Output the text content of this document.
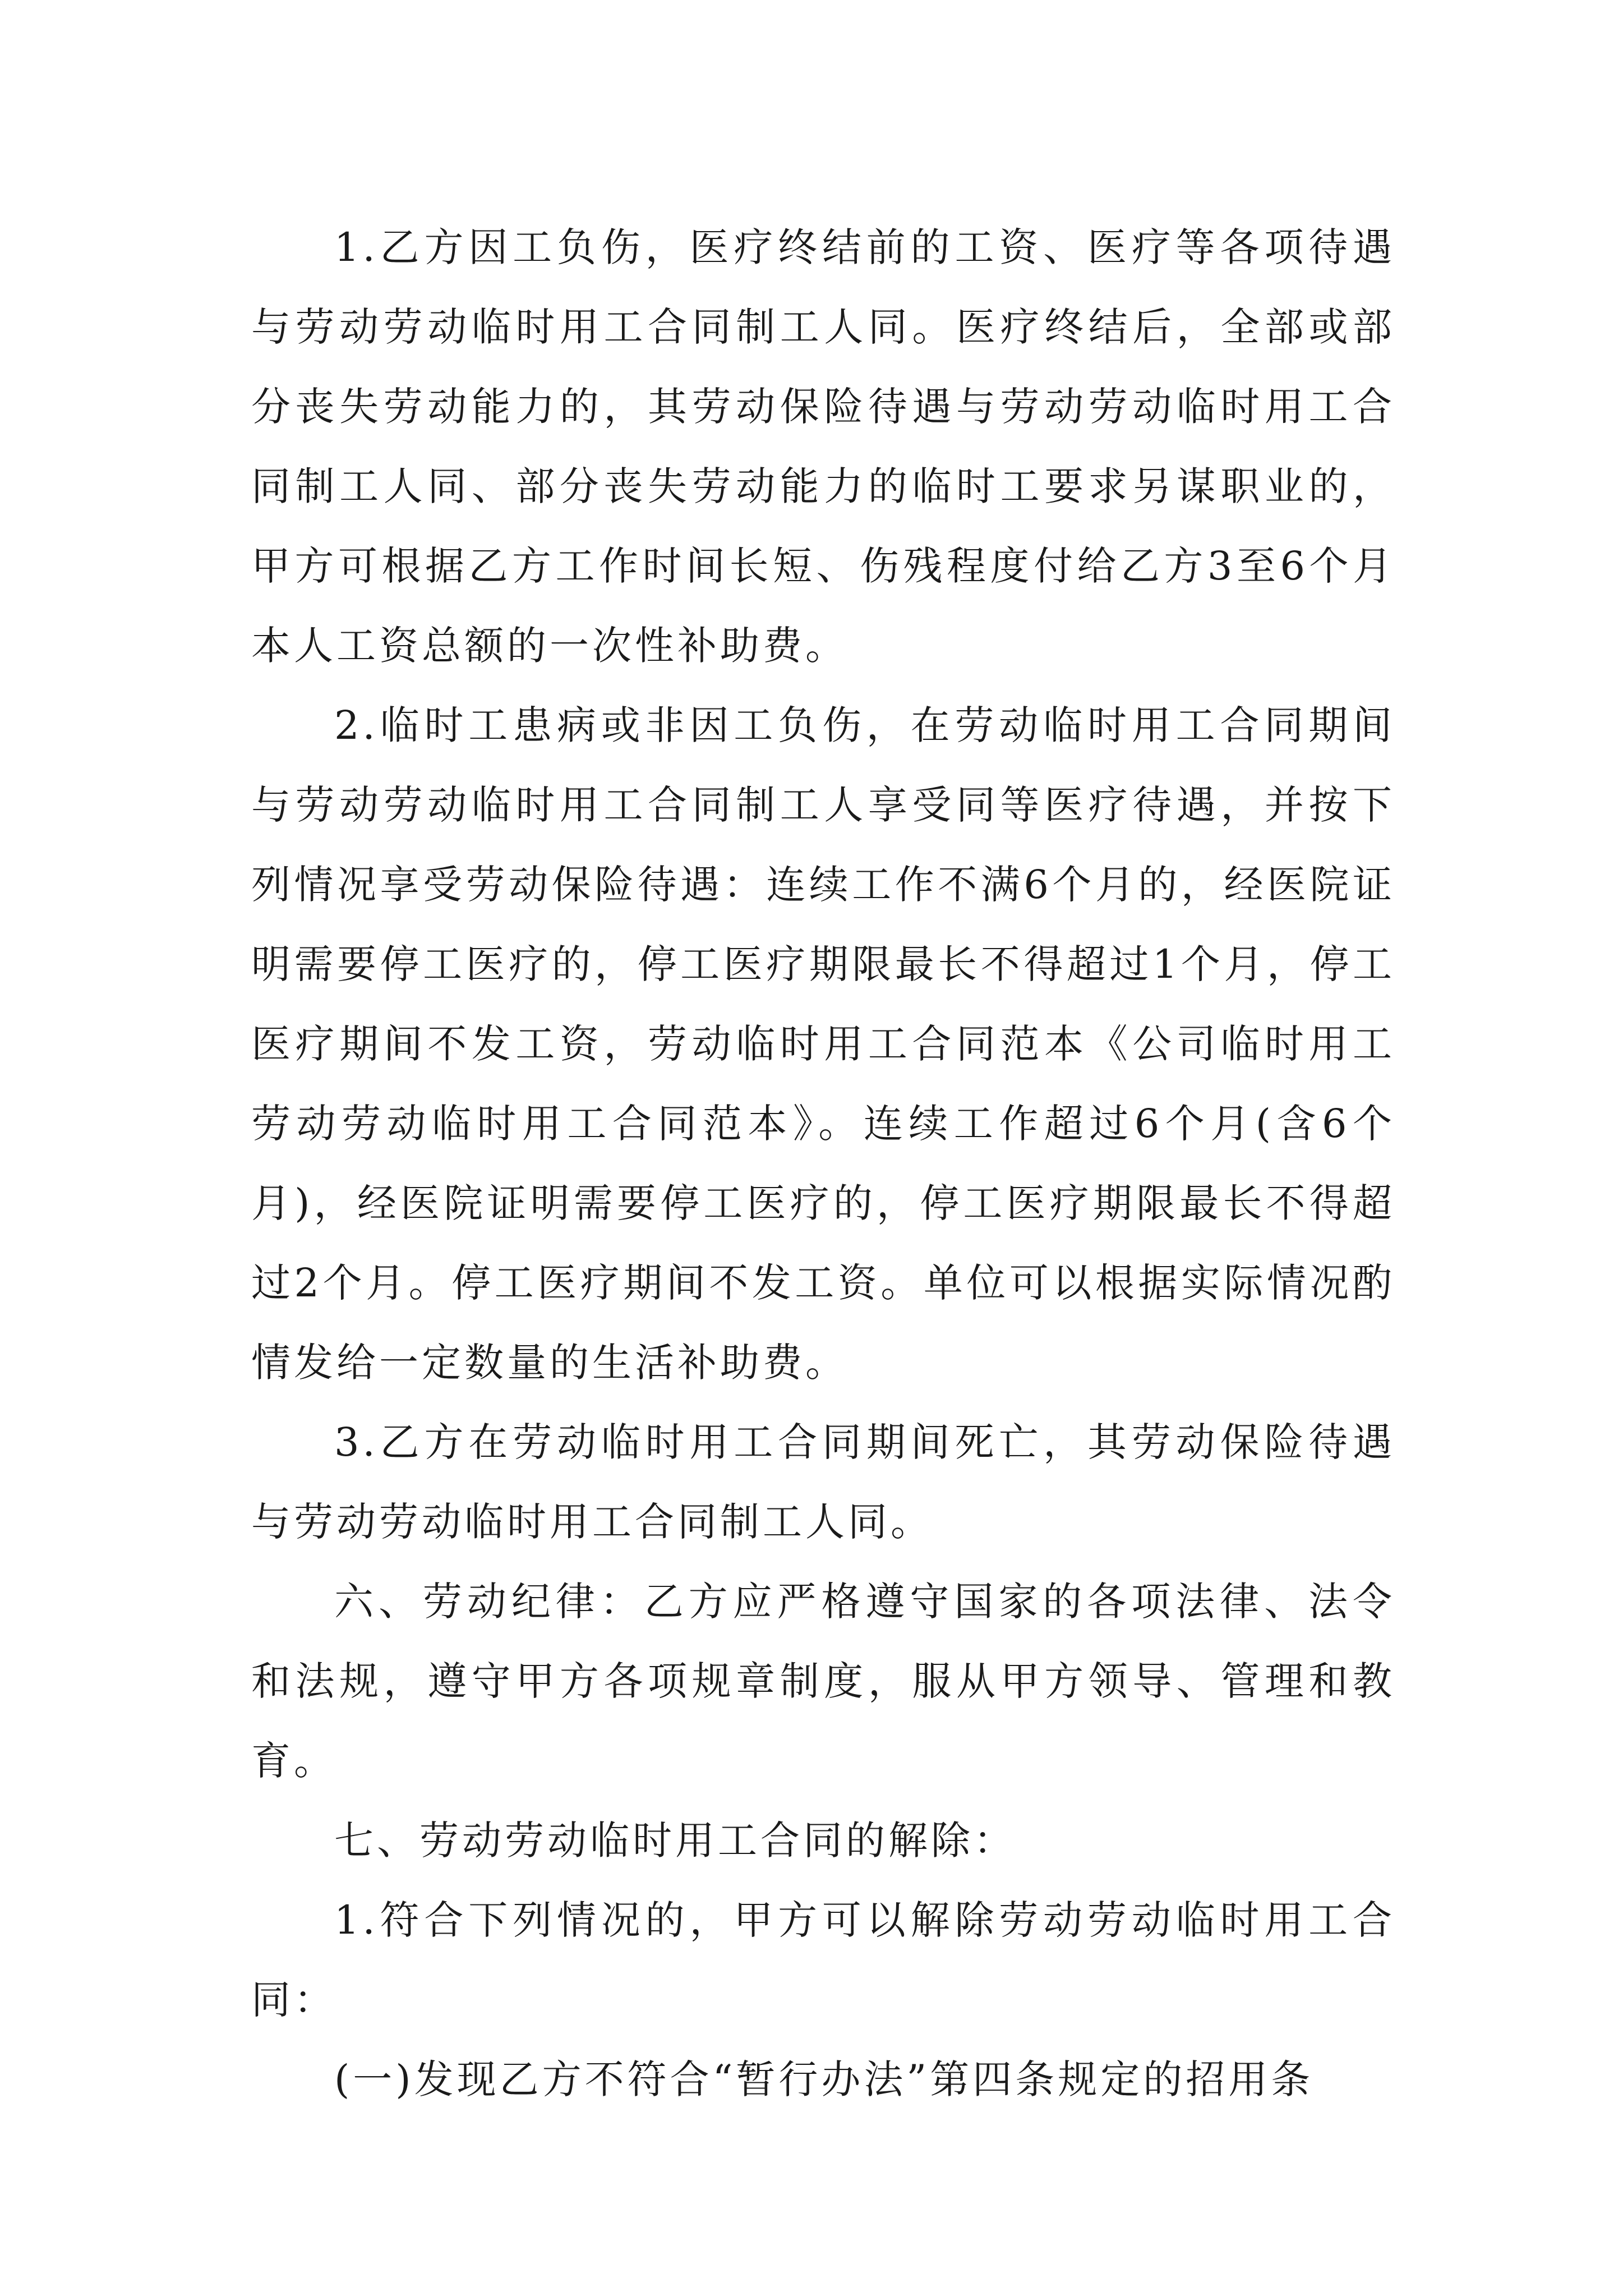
1.乙方因工负伤，医疗终结前的工资、医疗等各项待遇与劳动劳动临时用工合同制工人同。医疗终结后，全部或部分丧失劳动能力的，其劳动保险待遇与劳动劳动临时用工合同制工人同、部分丧失劳动能力的临时工要求另谋职业的，甲方可根据乙方工作时间长短、伤残程度付给乙方3至6个月本人工资总额的一次性补助费。

2.临时工患病或非因工负伤，在劳动临时用工合同期间与劳动劳动临时用工合同制工人享受同等医疗待遇，并按下列情况享受劳动保险待遇：连续工作不满6个月的，经医院证明需要停工医疗的，停工医疗期限最长不得超过1个月，停工医疗期间不发工资，劳动临时用工合同范本《公司临时用工劳动劳动临时用工合同范本》。连续工作超过6个月(含6个月)，经医院证明需要停工医疗的，停工医疗期限最长不得超过2个月。停工医疗期间不发工资。单位可以根据实际情况酌情发给一定数量的生活补助费。

3.乙方在劳动临时用工合同期间死亡，其劳动保险待遇与劳动劳动临时用工合同制工人同。

六、劳动纪律：乙方应严格遵守国家的各项法律、法令和法规，遵守甲方各项规章制度，服从甲方领导、管理和教育。

七、劳动劳动临时用工合同的解除：

1.符合下列情况的，甲方可以解除劳动劳动临时用工合同：

(一)发现乙方不符合“暂行办法”第四条规定的招用条
